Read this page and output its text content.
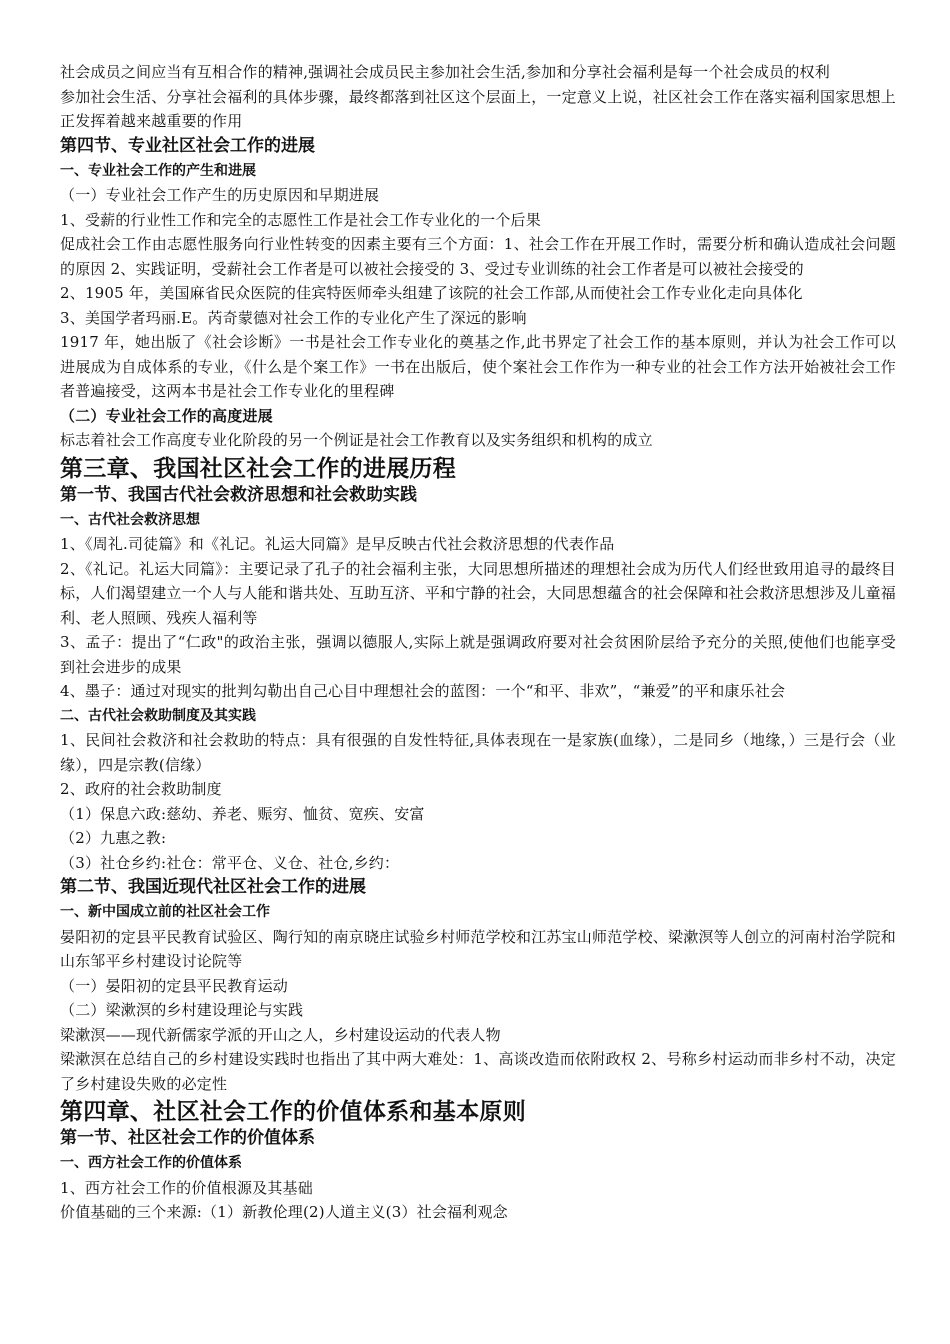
社会成员之间应当有互相合作的精神,强调社会成员民主参加社会生活,参加和分享社会福利是每一个社会成员的权利
参加社会生活、分享社会福利的具体步骤，最终都落到社区这个层面上，一定意义上说，社区社会工作在落实福利国家思想上正发挥着越来越重要的作用
第四节、专业社区社会工作的进展
一、专业社会工作的产生和进展
（一）专业社会工作产生的历史原因和早期进展
1、受薪的行业性工作和完全的志愿性工作是社会工作专业化的一个后果
促成社会工作由志愿性服务向行业性转变的因素主要有三个方面：1、社会工作在开展工作时，需要分析和确认造成社会问题的原因 2、实践证明，受薪社会工作者是可以被社会接受的 3、受过专业训练的社会工作者是可以被社会接受的
2、1905 年，美国麻省民众医院的佳宾特医师牵头组建了该院的社会工作部,从而使社会工作专业化走向具体化
3、美国学者玛丽.E。芮奇蒙德对社会工作的专业化产生了深远的影响
1917 年，她出版了《社会诊断》一书是社会工作专业化的奠基之作,此书界定了社会工作的基本原则，并认为社会工作可以进展成为自成体系的专业，《什么是个案工作》一书在出版后，使个案社会工作作为一种专业的社会工作方法开始被社会工作者普遍接受，这两本书是社会工作专业化的里程碑
（二）专业社会工作的高度进展
标志着社会工作高度专业化阶段的另一个例证是社会工作教育以及实务组织和机构的成立
第三章、我国社区社会工作的进展历程
第一节、我国古代社会救济思想和社会救助实践
一、古代社会救济思想
1、《周礼.司徒篇》和《礼记。礼运大同篇》是早反映古代社会救济思想的代表作品
2、《礼记。礼运大同篇》：主要记录了孔子的社会福利主张，大同思想所描述的理想社会成为历代人们经世致用追寻的最终目标，人们渴望建立一个人与人能和谐共处、互助互济、平和宁静的社会，大同思想蕴含的社会保障和社会救济思想涉及儿童福利、老人照顾、残疾人福利等
3、孟子：提出了“仁政"的政治主张，强调以德服人,实际上就是强调政府要对社会贫困阶层给予充分的关照,使他们也能享受到社会进步的成果
4、墨子：通过对现实的批判勾勒出自己心目中理想社会的蓝图：一个“和平、非欢”，“兼爱”的平和康乐社会
二、古代社会救助制度及其实践
1、民间社会救济和社会救助的特点：具有很强的自发性特征,具体表现在一是家族(血缘），二是同乡（地缘，）三是行会（业缘），四是宗教(信缘）
2、政府的社会救助制度
（1）保息六政:慈幼、养老、赈穷、恤贫、宽疾、安富
（2）九惠之教:
（3）社仓乡约:社仓：常平仓、义仓、社仓,乡约：
第二节、我国近现代社区社会工作的进展
一、新中国成立前的社区社会工作
晏阳初的定县平民教育试验区、陶行知的南京晓庄试验乡村师范学校和江苏宝山师范学校、梁漱溟等人创立的河南村治学院和山东邹平乡村建设讨论院等
（一）晏阳初的定县平民教育运动
（二）梁漱溟的乡村建设理论与实践
梁漱溟——现代新儒家学派的开山之人，乡村建设运动的代表人物
梁漱溟在总结自己的乡村建设实践时也指出了其中两大难处：1、高谈改造而依附政权 2、号称乡村运动而非乡村不动，决定了乡村建设失败的必定性
第四章、社区社会工作的价值体系和基本原则
第一节、社区社会工作的价值体系
一、西方社会工作的价值体系
1、西方社会工作的价值根源及其基础
价值基础的三个来源:（1）新教伦理(2)人道主义(3）社会福利观念
